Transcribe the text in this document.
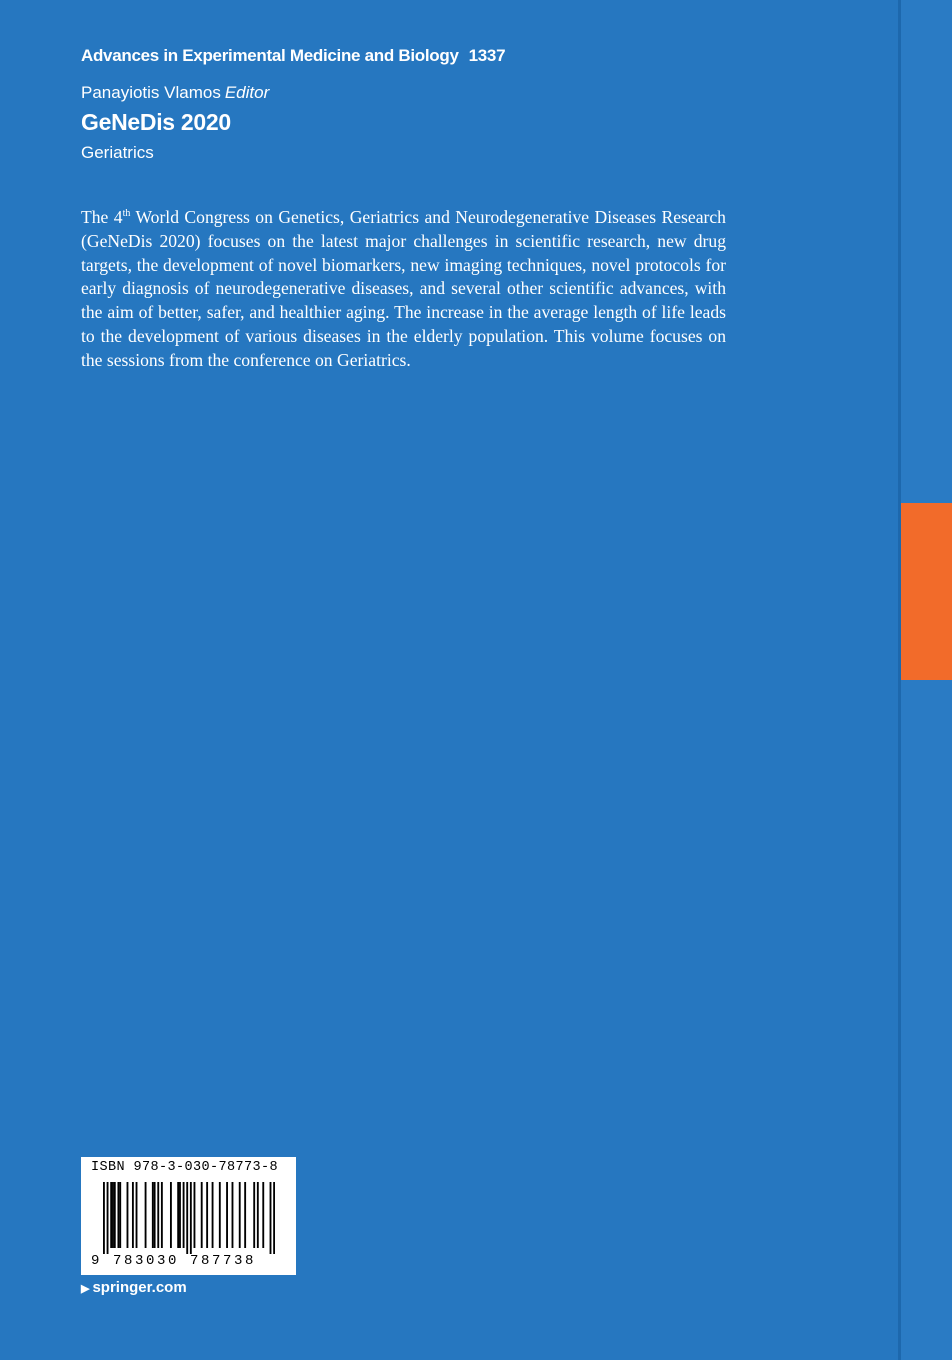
Advances in Experimental Medicine and Biology 1337
Panayiotis Vlamos Editor
GeNeDis 2020
Geriatrics
The 4th World Congress on Genetics, Geriatrics and Neurodegenerative Diseases Research (GeNeDis 2020) focuses on the latest major challenges in scientific research, new drug targets, the development of novel biomarkers, new imaging techniques, novel protocols for early diagnosis of neurodegenerative diseases, and several other scientific advances, with the aim of better, safer, and healthier aging. The increase in the average length of life leads to the development of various diseases in the elderly population. This volume focuses on the sessions from the conference on Geriatrics.
ISBN 978-3-030-78773-8
9 783030 787738
▶ springer.com
